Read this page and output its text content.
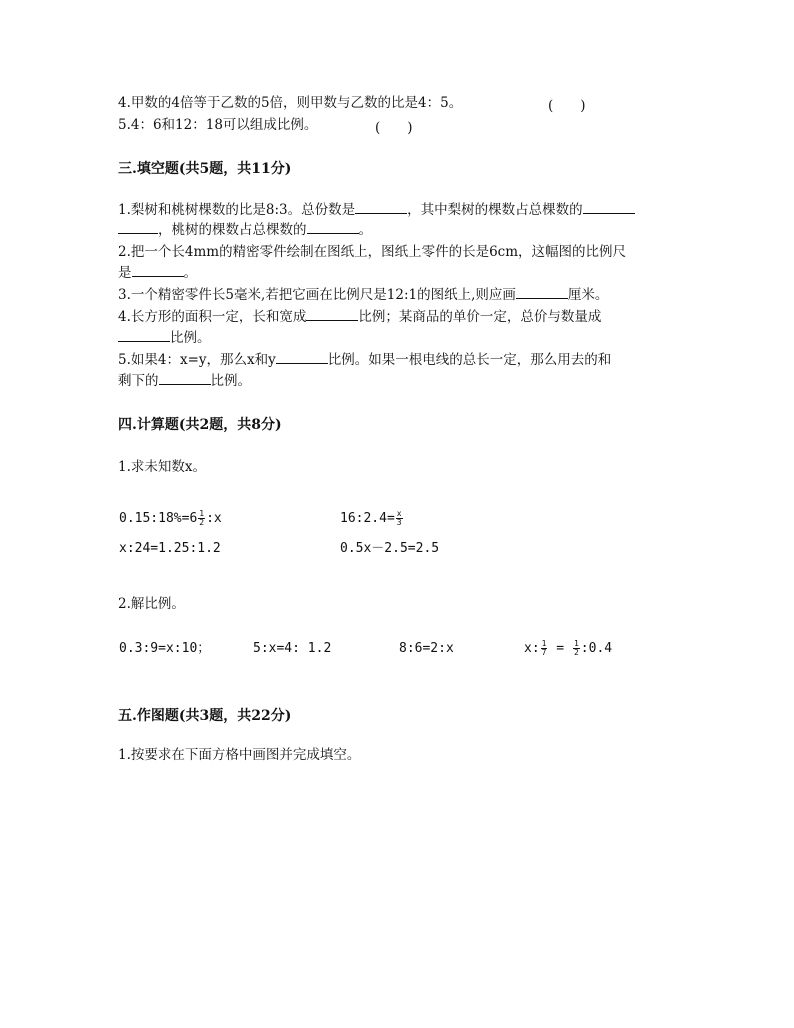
4.甲数的4倍等于乙数的5倍，则甲数与乙数的比是4：5。	(　　)
5.4：6和12：18可以组成比例。	(　　)
三.填空题(共5题，共11分)
1.梨树和桃树棵数的比是8:3。总份数是	，其中梨树的棵数占总棵数的
，桃树的棵数占总棵数的	。
2.把一个长4mm的精密零件绘制在图纸上，图纸上零件的长是6cm，这幅图的比例尺
是	。
3.一个精密零件长5毫米,若把它画在比例尺是12:1的图纸上,则应画	厘米。
4.长方形的面积一定，长和宽成	比例；某商品的单价一定，总价与数量成
比例。
5.如果4：x=y，那么x和y	比例。如果一根电线的总长一定，那么用去的和
剩下的	比例。
四.计算题(共2题，共8分)
1.求未知数x。
0.15:18%=6 $\frac{1}{2}$ :x	16:2.4= $\frac{x}{3}$
x:24=1.25:1.2	0.5x－2.5=2.5
2.解比例。
0.3:9=x:10；	5:x=4: 1.2	8:6=2:x	x: $\frac{1}{7} = \frac{1}{2}$ :0.4
五.作图题(共3题，共22分)
1.按要求在下面方格中画图并完成填空。
